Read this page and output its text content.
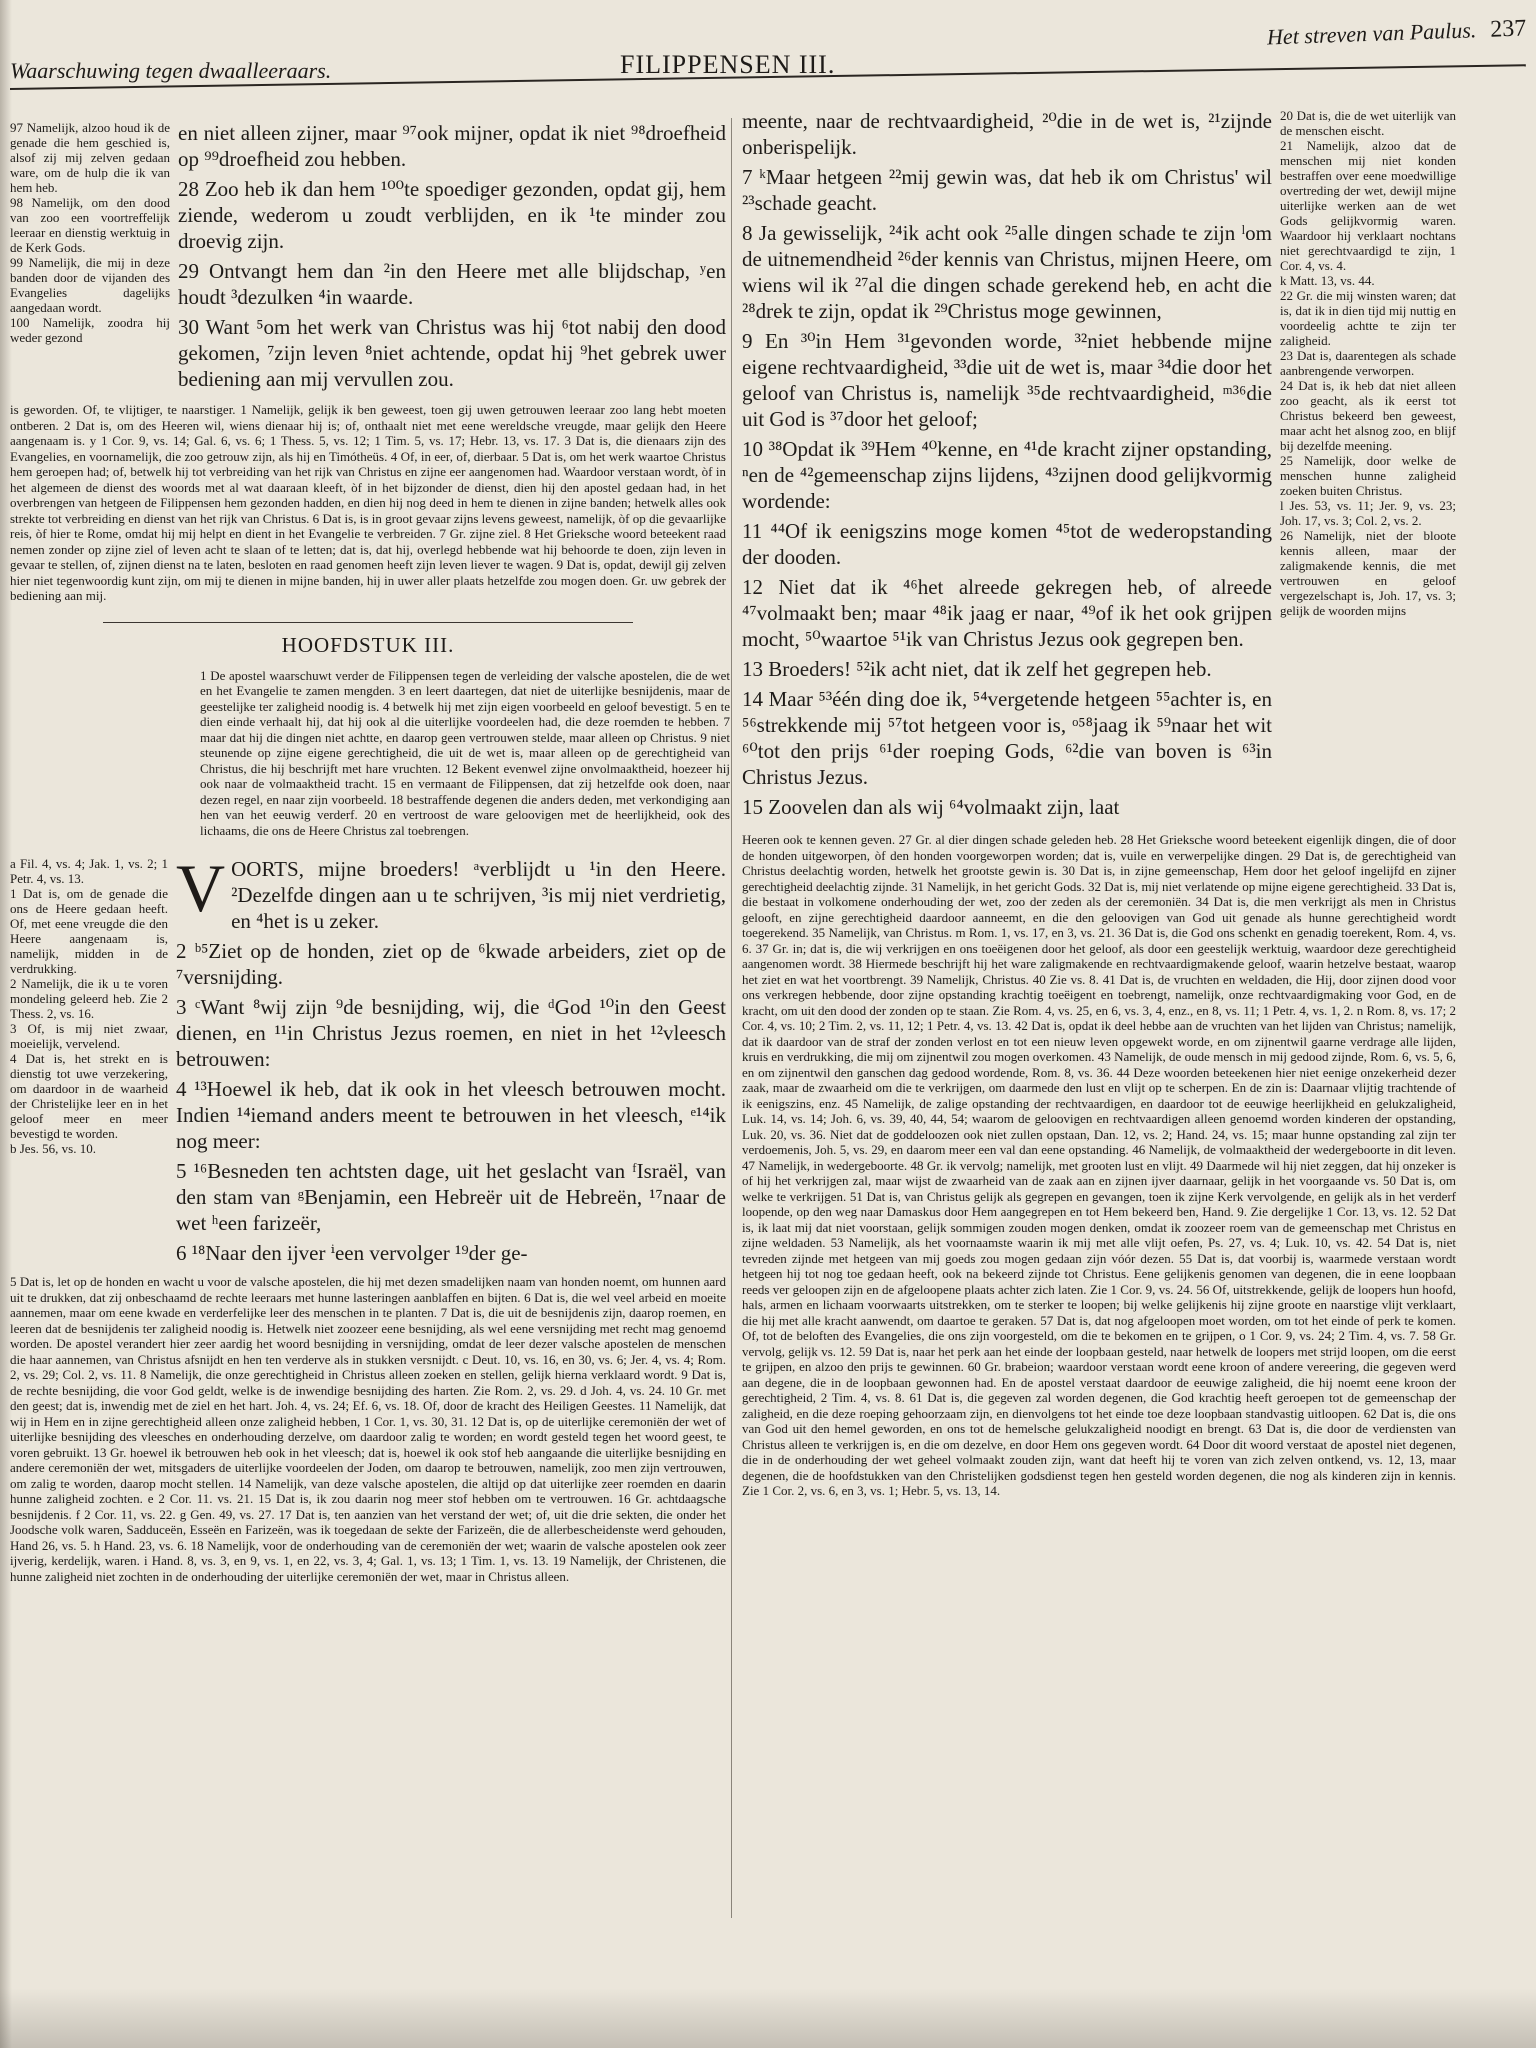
Waarschuwing tegen dwaalleeraars.	FILIPPENSEN III.
Het streven van Paulus. 237
97 Namelijk, alzoo houd ik de genade die hem geschied is, alsof zij mij zelven gedaan ware, om de hulp die ik van hem heb.
98 Namelijk, om den dood van zoo een voortreffelijk leeraar en dienstig werktuig in de Kerk Gods.
99 Namelijk, die mij in deze banden door de vijanden des Evangelies dagelijks aangedaan wordt.
100 Namelijk, zoodra hij weder gezond

en niet alleen zijner, maar ⁹⁷ook mijner, opdat ik niet ⁹⁸droefheid op ⁹⁹droefheid zou hebben.

28 Zoo heb ik dan hem ¹⁰⁰te spoediger gezonden, opdat gij, hem ziende, wederom u zoudt verblijden, en ik ¹te minder zou droevig zijn.

29 Ontvangt hem dan ²in den Heere met alle blijdschap, ʸen houdt ³dezulken ⁴in waarde.

30 Want ⁵om het werk van Christus was hij ⁶tot nabij den dood gekomen, ⁷zijn leven ⁸niet achtende, opdat hij ⁹het gebrek uwer bediening aan mij vervullen zou.

is geworden. Of, te vlijtiger, te naarstiger. 1 Namelijk, gelijk ik ben geweest, toen gij uwen getrouwen leeraar zoo lang hebt moeten ontberen. 2 Dat is, om des Heeren wil, wiens dienaar hij is; of, onthaalt niet met eene wereldsche vreugde, maar gelijk den Heere aangenaam is. y 1 Cor. 9, vs. 14; Gal. 6, vs. 6; 1 Thess. 5, vs. 12; 1 Tim. 5, vs. 17; Hebr. 13, vs. 17. 3 Dat is, die dienaars zijn des Evangelies, en voornamelijk, die zoo getrouw zijn, als hij en Timótheüs. 4 Of, in eer, of, dierbaar. 5 Dat is, om het werk waartoe Christus hem geroepen had; of, betwelk hij tot verbreiding van het rijk van Christus en zijne eer aangenomen had. Waardoor verstaan wordt, òf in het algemeen de dienst des woords met al wat daaraan kleeft, òf in het bijzonder de dienst, dien hij den apostel gedaan had, in het overbrengen van hetgeen de Filippensen hem gezonden hadden, en dien hij nog deed in hem te dienen in zijne banden; hetwelk alles ook strekte tot verbreiding en dienst van het rijk van Christus. 6 Dat is, is in groot gevaar zijns levens geweest, namelijk, òf op die gevaarlijke reis, òf hier te Rome, omdat hij mij helpt en dient in het Evangelie te verbreiden. 7 Gr. zijne ziel. 8 Het Grieksche woord beteekent raad nemen zonder op zijne ziel of leven acht te slaan of te letten; dat is, dat hij, overlegd hebbende wat hij behoorde te doen, zijn leven in gevaar te stellen, of, zijnen dienst na te laten, besloten en raad genomen heeft zijn leven liever te wagen. 9 Dat is, opdat, dewijl gij zelven hier niet tegenwoordig kunt zijn, om mij te dienen in mijne banden, hij in uwer aller plaats hetzelfde zou mogen doen. Gr. uw gebrek der bediening aan mij.
HOOFDSTUK III.
1 De apostel waarschuwt verder de Filippensen tegen de verleiding der valsche apostelen, die de wet en het Evangelie te zamen mengden. 3 en leert daartegen, dat niet de uiterlijke besnijdenis, maar de geestelijke ter zaligheid noodig is. 4 betwelk hij met zijn eigen voorbeeld en geloof bevestigt. 5 en te dien einde verhaalt hij, dat hij ook al die uiterlijke voordeelen had, die deze roemden te hebben. 7 maar dat hij die dingen niet achtte, en daarop geen vertrouwen stelde, maar alleen op Christus. 9 niet steunende op zijne eigene gerechtigheid, die uit de wet is, maar alleen op de gerechtigheid van Christus, die hij beschrijft met hare vruchten. 12 Bekent evenwel zijne onvolmaaktheid, hoezeer hij ook naar de volmaaktheid tracht. 15 en vermaant de Filippensen, dat zij hetzelfde ook doen, naar dezen regel, en naar zijn voorbeeld. 18 bestraffende degenen die anders deden, met verkondiging aan hen van het eeuwig verderf. 20 en vertroost de ware geloovigen met de heerlijkheid, ook des lichaams, die ons de Heere Christus zal toebrengen.
a Fil. 4, vs. 4; Jak. 1, vs. 2; 1 Petr. 4, vs. 13.
1 Dat is, om de genade die ons de Heere gedaan heeft. Of, met eene vreugde die den Heere aangenaam is, namelijk, midden in de verdrukking.
2 Namelijk, die ik u te voren mondeling geleerd heb. Zie 2 Thess. 2, vs. 16.
3 Of, is mij niet zwaar, moeielijk, vervelend.
4 Dat is, het strekt en is dienstig tot uwe verzekering, om daardoor in de waarheid der Christelijke leer en in het geloof meer en meer bevestigd te worden.
b Jes. 56, vs. 10.

VOORTS, mijne broeders! ᵃverblijdt u ¹in den Heere. ²Dezelfde dingen aan u te schrijven, ³is mij niet verdrietig, en ⁴het is u zeker.

2 ᵇ⁵Ziet op de honden, ziet op de ⁶kwade arbeiders, ziet op de ⁷versnijding.

3 ᶜWant ⁸wij zijn ⁹de besnijding, wij, die ᵈGod ¹⁰in den Geest dienen, en ¹¹in Christus Jezus roemen, en niet in het ¹²vleesch betrouwen:

4 ¹³Hoewel ik heb, dat ik ook in het vleesch betrouwen mocht. Indien ¹⁴iemand anders meent te betrouwen in het vleesch, ᵉ¹⁴ik nog meer:

5 ¹⁶Besneden ten achtsten dage, uit het geslacht van ᶠIsraël, van den stam van ᵍBenjamin, een Hebreër uit de Hebreën, ¹⁷naar de wet ʰeen farizeër,

6 ¹⁸Naar den ijver ⁱeen vervolger ¹⁹der ge-

5 Dat is, let op de honden en wacht u voor de valsche apostelen, die hij met dezen smadelijken naam van honden noemt, om hunnen aard uit te drukken, dat zij onbeschaamd de rechte leeraars met hunne lasteringen aanblaffen en bijten. 6 Dat is, die wel veel arbeid en moeite aannemen, maar om eene kwade en verderfelijke leer des menschen in te planten. 7 Dat is, die uit de besnijdenis zijn, daarop roemen, en leeren dat de besnijdenis ter zaligheid noodig is. Hetwelk niet zoozeer eene besnijding, als wel eene versnijding met recht mag genoemd worden. De apostel verandert hier zeer aardig het woord besnijding in versnijding, omdat de leer dezer valsche apostelen de menschen die haar aannemen, van Christus afsnijdt en hen ten verderve als in stukken versnijdt. c Deut. 10, vs. 16, en 30, vs. 6; Jer. 4, vs. 4; Rom. 2, vs. 29; Col. 2, vs. 11. 8 Namelijk, die onze gerechtigheid in Christus alleen zoeken en stellen, gelijk hierna verklaard wordt. 9 Dat is, de rechte besnijding, die voor God geldt, welke is de inwendige besnijding des harten. Zie Rom. 2, vs. 29. d Joh. 4, vs. 24. 10 Gr. met den geest; dat is, inwendig met de ziel en het hart. Joh. 4, vs. 24; Ef. 6, vs. 18. Of, door de kracht des Heiligen Geestes. 11 Namelijk, dat wij in Hem en in zijne gerechtigheid alleen onze zaligheid hebben, 1 Cor. 1, vs. 30, 31. 12 Dat is, op de uiterlijke ceremoniën der wet of uiterlijke besnijding des vleesches en onderhouding derzelve, om daardoor zalig te worden; en wordt gesteld tegen het woord geest, te voren gebruikt. 13 Gr. hoewel ik betrouwen heb ook in het vleesch; dat is, hoewel ik ook stof heb aangaande die uiterlijke besnijding en andere ceremoniën der wet, mitsgaders de uiterlijke voordeelen der Joden, om daarop te betrouwen, namelijk, zoo men zijn vertrouwen, om zalig te worden, daarop mocht stellen. 14 Namelijk, van deze valsche apostelen, die altijd op dat uiterlijke zeer roemden en daarin hunne zaligheid zochten. e 2 Cor. 11. vs. 21. 15 Dat is, ik zou daarin nog meer stof hebben om te vertrouwen. 16 Gr. achtdaagsche besnijdenis. f 2 Cor. 11, vs. 22. g Gen. 49, vs. 27. 17 Dat is, ten aanzien van het verstand der wet; of, uit die drie sekten, die onder het Joodsche volk waren, Sadduceën, Esseën en Farizeën, was ik toegedaan de sekte der Farizeën, die de allerbescheidenste werd gehouden, Hand 26, vs. 5. h Hand. 23, vs. 6. 18 Namelijk, voor de onderhouding van de ceremoniën der wet; waarin de valsche apostelen ook zeer ijverig, kerdelijk, waren. i Hand. 8, vs. 3, en 9, vs. 1, en 22, vs. 3, 4; Gal. 1, vs. 13; 1 Tim. 1, vs. 13. 19 Namelijk, der Christenen, die hunne zaligheid niet zochten in de onderhouding der uiterlijke ceremoniën der wet, maar in Christus alleen.

meente, naar de rechtvaardigheid, ²⁰die in de wet is, ²¹zijnde onberispelijk.

7 ᵏMaar hetgeen ²²mij gewin was, dat heb ik om Christus' wil ²³schade geacht.

8 Ja gewisselijk, ²⁴ik acht ook ²⁵alle dingen schade te zijn ˡom de uitnemendheid ²⁶der kennis van Christus, mijnen Heere, om wiens wil ik ²⁷al die dingen schade gerekend heb, en acht die ²⁸drek te zijn, opdat ik ²⁹Christus moge gewinnen,

9 En ³⁰in Hem ³¹gevonden worde, ³²niet hebbende mijne eigene rechtvaardigheid, ³³die uit de wet is, maar ³⁴die door het geloof van Christus is, namelijk ³⁵de rechtvaardigheid, ᵐ³⁶die uit God is ³⁷door het geloof;

10 ³⁸Opdat ik ³⁹Hem ⁴⁰kenne, en ⁴¹de kracht zijner opstanding, ⁿen de ⁴²gemeenschap zijns lijdens, ⁴³zijnen dood gelijkvormig wordende:

11 ⁴⁴Of ik eenigszins moge komen ⁴⁵tot de wederopstanding der dooden.

12 Niet dat ik ⁴⁶het alreede gekregen heb, of alreede ⁴⁷volmaakt ben; maar ⁴⁸ik jaag er naar, ⁴⁹of ik het ook grijpen mocht, ⁵⁰waartoe ⁵¹ik van Christus Jezus ook gegrepen ben.

13 Broeders! ⁵²ik acht niet, dat ik zelf het gegrepen heb.

14 Maar ⁵³één ding doe ik, ⁵⁴vergetende hetgeen ⁵⁵achter is, en ⁵⁶strekkende mij ⁵⁷tot hetgeen voor is, ᵒ⁵⁸jaag ik ⁵⁹naar het wit ⁶⁰tot den prijs ⁶¹der roeping Gods, ⁶²die van boven is ⁶³in Christus Jezus.

15 Zoovelen dan als wij ⁶⁴volmaakt zijn, laat

20 Dat is, die de wet uiterlijk van de menschen eischt.
21 Namelijk, alzoo dat de menschen mij niet konden bestraffen over eene moedwillige overtreding der wet, dewijl mijne uiterlijke werken aan de wet Gods gelijkvormig waren. Waardoor hij verklaart nochtans niet gerechtvaardigd te zijn, 1 Cor. 4, vs. 4.
k Matt. 13, vs. 44.
22 Gr. die mij winsten waren; dat is, dat ik in dien tijd mij nuttig en voordeelig achtte te zijn ter zaligheid.
23 Dat is, daarentegen als schade aanbrengende verworpen.
24 Dat is, ik heb dat niet alleen zoo geacht, als ik eerst tot Christus bekeerd ben geweest, maar acht het alsnog zoo, en blijf bij dezelfde meening.
25 Namelijk, door welke de menschen hunne zaligheid zoeken buiten Christus.
l Jes. 53, vs. 11; Jer. 9, vs. 23; Joh. 17, vs. 3; Col. 2, vs. 2.
26 Namelijk, niet der bloote kennis alleen, maar der zaligmakende kennis, die met vertrouwen en geloof vergezelschapt is, Joh. 17, vs. 3; gelijk de woorden mijns
Heeren ook te kennen geven. 27 Gr. al dier dingen schade geleden heb. 28 Het Grieksche woord beteekent eigenlijk dingen, die of door de honden uitgeworpen, òf den honden voorgeworpen worden; dat is, vuile en verwerpelijke dingen. 29 Dat is, de gerechtigheid van Christus deelachtig worden, hetwelk het grootste gewin is. 30 Dat is, in zijne gemeenschap, Hem door het geloof ingelijfd en zijner gerechtigheid deelachtig zijnde. 31 Namelijk, in het gericht Gods. 32 Dat is, mij niet verlatende op mijne eigene gerechtigheid. 33 Dat is, die bestaat in volkomene onderhouding der wet, zoo der zeden als der ceremoniën. 34 Dat is, die men verkrijgt als men in Christus gelooft, en zijne gerechtigheid daardoor aanneemt, en die den geloovigen van God uit genade als hunne gerechtigheid wordt toegerekend. 35 Namelijk, van Christus. m Rom. 1, vs. 17, en 3, vs. 21. 36 Dat is, die God ons schenkt en genadig toerekent, Rom. 4, vs. 6. 37 Gr. in; dat is, die wij verkrijgen en ons toeëigenen door het geloof, als door een geestelijk werktuig, waardoor deze gerechtigheid aangenomen wordt. 38 Hiermede beschrijft hij het ware zaligmakende en rechtvaardigmakende geloof, waarin hetzelve bestaat, waarop het ziet en wat het voortbrengt. 39 Namelijk, Christus. 40 Zie vs. 8. 41 Dat is, de vruchten en weldaden, die Hij, door zijnen dood voor ons verkregen hebbende, door zijne opstanding krachtig toeëigent en toebrengt, namelijk, onze rechtvaardigmaking voor God, en de kracht, om uit den dood der zonden op te staan. Zie Rom. 4, vs. 25, en 6, vs. 3, 4, enz., en 8, vs. 11; 1 Petr. 4, vs. 1, 2. n Rom. 8, vs. 17; 2 Cor. 4, vs. 10; 2 Tim. 2, vs. 11, 12; 1 Petr. 4, vs. 13. 42 Dat is, opdat ik deel hebbe aan de vruchten van het lijden van Christus; namelijk, dat ik daardoor van de straf der zonden verlost en tot een nieuw leven opgewekt worde, en om zijnentwil gaarne verdrage alle lijden, kruis en verdrukking, die mij om zijnentwil zou mogen overkomen. 43 Namelijk, de oude mensch in mij gedood zijnde, Rom. 6, vs. 5, 6, en om zijnentwil den ganschen dag gedood wordende, Rom. 8, vs. 36. 44 Deze woorden beteekenen hier niet eenige onzekerheid dezer zaak, maar de zwaarheid om die te verkrijgen, om daarmede den lust en vlijt op te scherpen. En de zin is: Daarnaar vlijtig trachtende of ik eenigszins, enz. 45 Namelijk, de zalige opstanding der rechtvaardigen, en daardoor tot de eeuwige heerlijkheid en gelukzaligheid, Luk. 14, vs. 14; Joh. 6, vs. 39, 40, 44, 54; waarom de geloovigen en rechtvaardigen alleen genoemd worden kinderen der opstanding, Luk. 20, vs. 36. Niet dat de goddeloozen ook niet zullen opstaan, Dan. 12, vs. 2; Hand. 24, vs. 15; maar hunne opstanding zal zijn ter verdoemenis, Joh. 5, vs. 29, en daarom meer een val dan eene opstanding. 46 Namelijk, de volmaaktheid der wedergeboorte in dit leven. 47 Namelijk, in wedergeboorte. 48 Gr. ik vervolg; namelijk, met grooten lust en vlijt. 49 Daarmede wil hij niet zeggen, dat hij onzeker is of hij het verkrijgen zal, maar wijst de zwaarheid van de zaak aan en zijnen ijver daarnaar, gelijk in het voorgaande vs. 50 Dat is, om welke te verkrijgen. 51 Dat is, van Christus gelijk als gegrepen en gevangen, toen ik zijne Kerk vervolgende, en gelijk als in het verderf loopende, op den weg naar Damaskus door Hem aangegrepen en tot Hem bekeerd ben, Hand. 9. Zie dergelijke 1 Cor. 13, vs. 12. 52 Dat is, ik laat mij dat niet voorstaan, gelijk sommigen zouden mogen denken, omdat ik zoozeer roem van de gemeenschap met Christus en zijne weldaden. 53 Namelijk, als het voornaamste waarin ik mij met alle vlijt oefen, Ps. 27, vs. 4; Luk. 10, vs. 42. 54 Dat is, niet tevreden zijnde met hetgeen van mij goeds zou mogen gedaan zijn vóór dezen. 55 Dat is, dat voorbij is, waarmede verstaan wordt hetgeen hij tot nog toe gedaan heeft, ook na bekeerd zijnde tot Christus. Eene gelijkenis genomen van degenen, die in eene loopbaan reeds ver geloopen zijn en de afgeloopene plaats achter zich laten. Zie 1 Cor. 9, vs. 24. 56 Of, uitstrekkende, gelijk de loopers hun hoofd, hals, armen en lichaam voorwaarts uitstrekken, om te sterker te loopen; bij welke gelijkenis hij zijne groote en naarstige vlijt verklaart, die hij met alle kracht aanwendt, om daartoe te geraken. 57 Dat is, dat nog afgeloopen moet worden, om tot het einde of perk te komen. Of, tot de beloften des Evangelies, die ons zijn voorgesteld, om die te bekomen en te grijpen, o 1 Cor. 9, vs. 24; 2 Tim. 4, vs. 7. 58 Gr. vervolg, gelijk vs. 12. 59 Dat is, naar het perk aan het einde der loopbaan gesteld, naar hetwelk de loopers met strijd loopen, om die eerst te grijpen, en alzoo den prijs te gewinnen. 60 Gr. brabeion; waardoor verstaan wordt eene kroon of andere vereering, die gegeven werd aan degene, die in de loopbaan gewonnen had. En de apostel verstaat daardoor de eeuwige zaligheid, die hij noemt eene kroon der gerechtigheid, 2 Tim. 4, vs. 8. 61 Dat is, die gegeven zal worden degenen, die God krachtig heeft geroepen tot de gemeenschap der zaligheid, en die deze roeping gehoorzaam zijn, en dienvolgens tot het einde toe deze loopbaan standvastig uitloopen. 62 Dat is, die ons van God uit den hemel geworden, en ons tot de hemelsche gelukzaligheid noodigt en brengt. 63 Dat is, die door de verdiensten van Christus alleen te verkrijgen is, en die om dezelve, en door Hem ons gegeven wordt. 64 Door dit woord verstaat de apostel niet degenen, die in de onderhouding der wet geheel volmaakt zouden zijn, want dat heeft hij te voren van zich zelven ontkend, vs. 12, 13, maar degenen, die de hoofdstukken van den Christelijken godsdienst tegen hen gesteld worden degenen, die nog als kinderen zijn in kennis. Zie 1 Cor. 2, vs. 6, en 3, vs. 1; Hebr. 5, vs. 13, 14.
